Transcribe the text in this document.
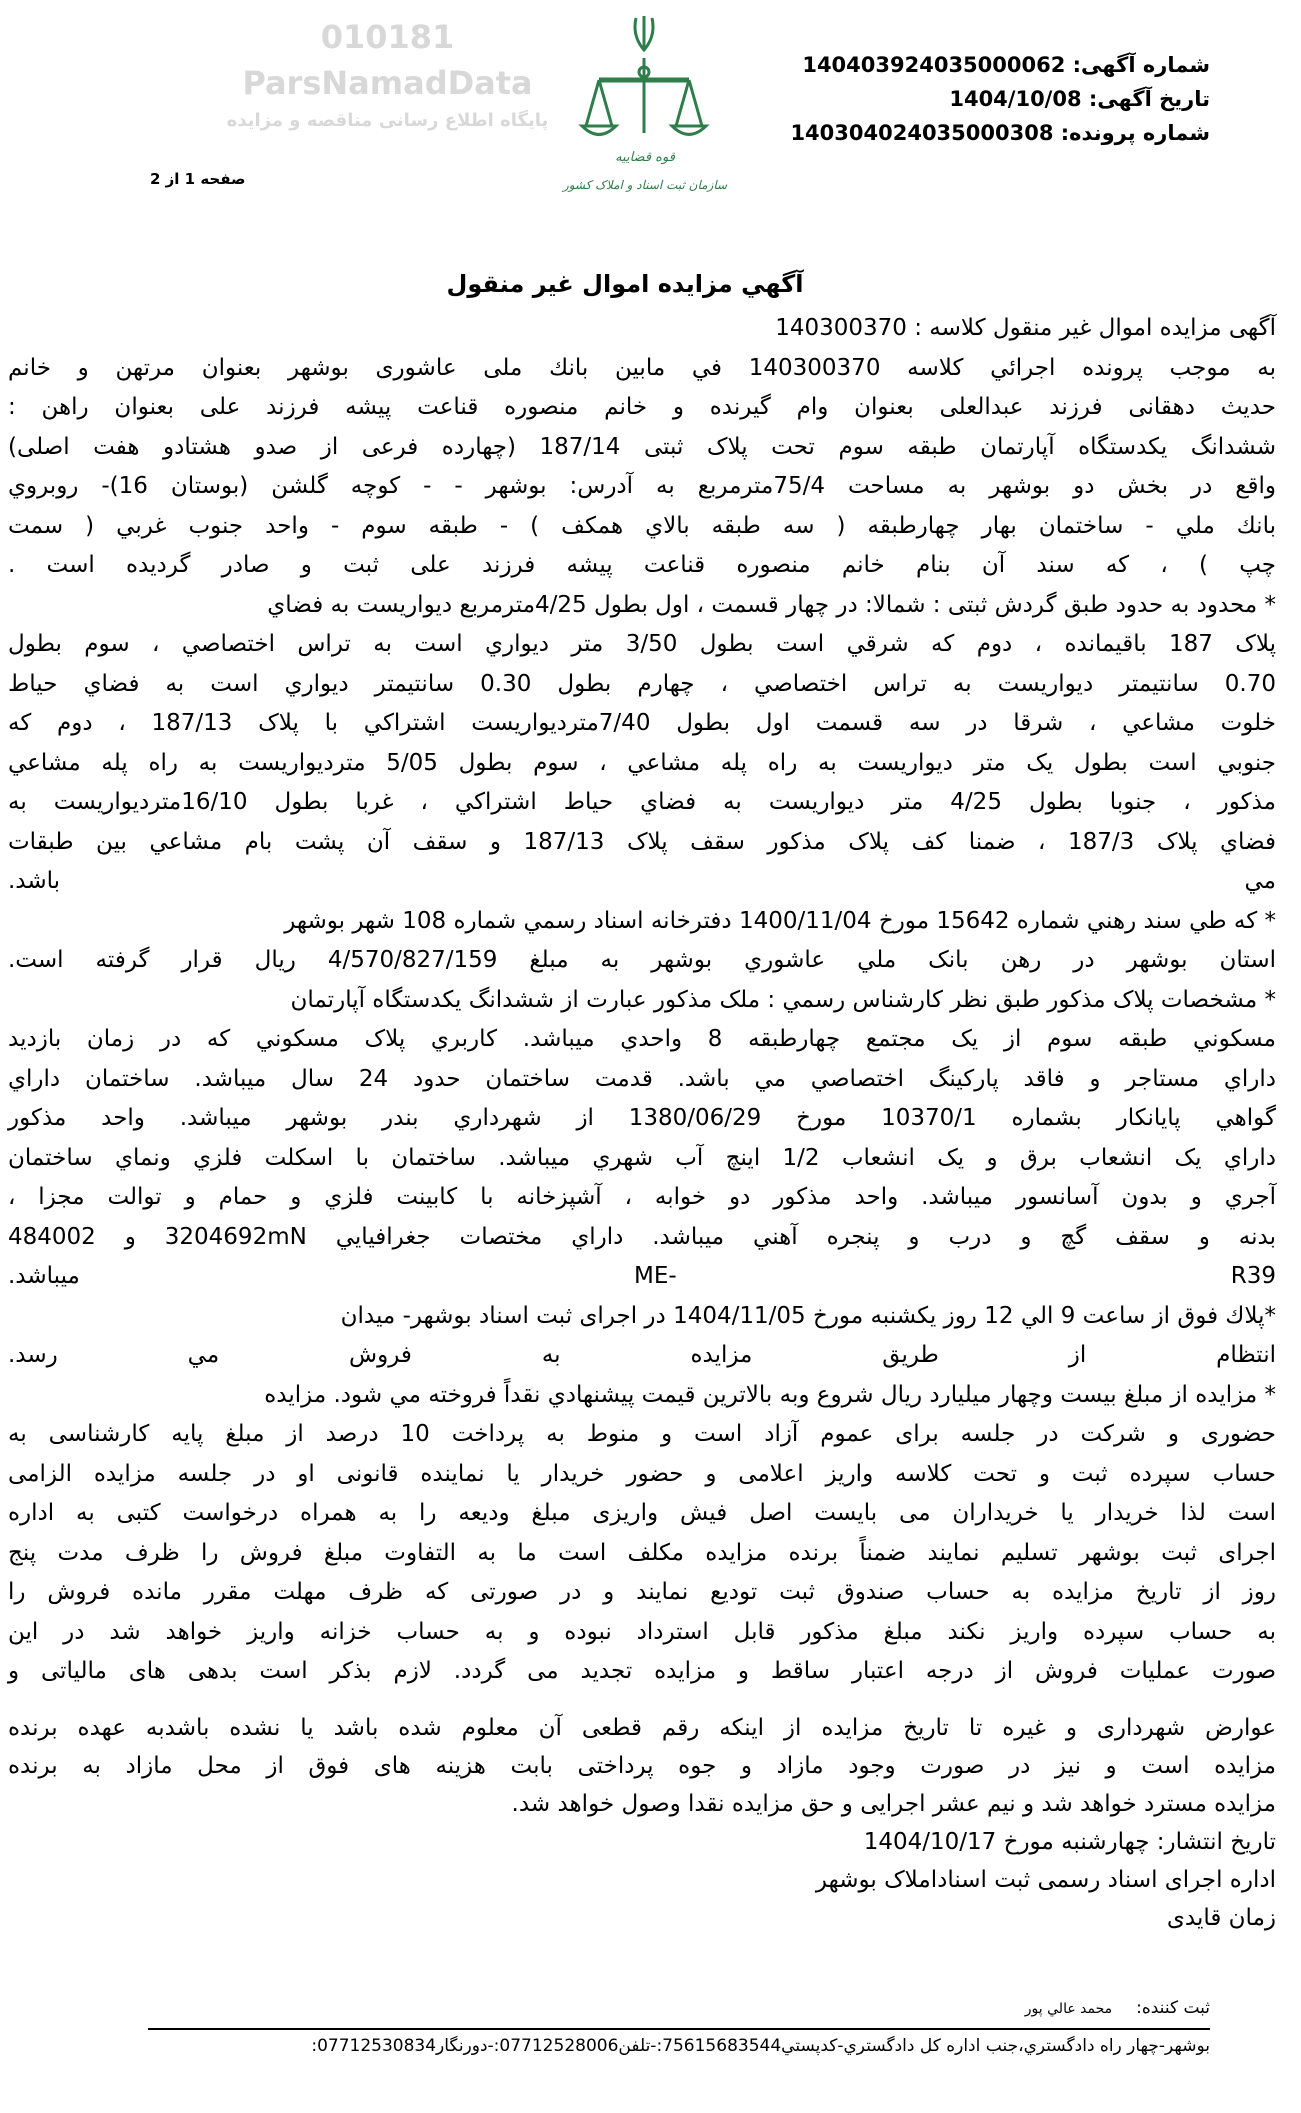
شماره آگهی: 14040392403500006​2
تاریخ آگهی: 1404/10/08
شماره پرونده: 140304024035000308
صفحه 1 از 2
قوه قضاییه
سازمان ثبت اسناد و املاک کشور
010181
ParsNamadData
پایگاه اطلاع رسانی مناقصه و مزایده
آگهي مزايده اموال غير منقول
آگهی مزایده اموال غیر منقول کلاسه : 140300370
به موجب پرونده اجرائي كلاسه 140300370 في مابين بانك ملی عاشوری بوشهر بعنوان مرتهن و خانم
حدیث دهقانی فرزند عبدالعلی بعنوان وام گیرنده و خانم منصوره قناعت پیشه فرزند علی بعنوان راهن :
ششدانگ یکدستگاه آپارتمان طبقه سوم تحت پلاک ثبتی 187/14 (چهارده فرعی از صدو هشتادو هفت اصلی)
واقع در بخش دو بوشهر به مساحت 75/4مترمربع به آدرس: بوشهر - - کوچه گلشن (بوستان 16)- روبروي
بانك ملي - ساختمان بهار چهارطبقه ( سه طبقه بالاي همكف ) - طبقه سوم - واحد جنوب غربي ( سمت
چپ ) ، که سند آن بنام خانم منصوره قناعت پیشه فرزند علی ثبت و صادر گردیده است .
* محدود به حدود طبق گردش ثبتی : شمالا: در چهار قسمت ، اول بطول 4/25مترمربع ديواريست به فضاي
پلاک 187 باقیمانده ، دوم که شرقي است بطول 3/50 متر ديواري است به تراس اختصاصي ، سوم بطول
0.70 سانتيمتر ديواريست به تراس اختصاصي ، چهارم بطول 0.30 سانتيمتر ديواري است به فضاي حياط
خلوت مشاعي ، شرقا در سه قسمت اول بطول 7/40متر‌ديواريست اشتراكي با پلاک 187/13 ، دوم كه
جنوبي است بطول يک متر ديواريست به راه پله مشاعي ، سوم بطول 5/05 متر‌ديواريست به راه پله مشاعي
مذكور ، جنوبا بطول 4/25 متر ديواريست به فضاي حياط اشتراكي ، غربا بطول 16/10متر‌ديواريست به
فضاي پلاک 187/3 ، ضمنا کف پلاک مذكور سقف پلاک 187/13 و سقف آن پشت بام مشاعي بين طبقات
مي باشد.
* كه طي سند رهني شماره 15642 مورخ 1400/11/04 دفترخانه اسناد رسمي شماره 108 شهر بوشهر
استان بوشهر در رهن بانک ملي عاشوري بوشهر به مبلغ 4/570/827/159 ريال قرار گرفته است.
* مشخصات پلاک مذكور طبق نظر كارشناس رسمي : ملک مذكور عبارت از ششدانگ يكدستگاه آپارتمان
مسكوني طبقه سوم از يک مجتمع چهارطبقه 8 واحدي ميباشد. كاربري پلاک مسكوني كه در زمان بازديد
داراي مستاجر و فاقد پاركينگ اختصاصي مي باشد. قدمت ساختمان حدود 24 سال ميباشد. ساختمان داراي
گواهي پايانكار بشماره 10370/1 مورخ 1380/06/29 از شهرداري بندر بوشهر ميباشد. واحد مذكور
داراي يک انشعاب برق و يک انشعاب 1/2 اينچ آب شهري ميباشد. ساختمان با اسكلت فلزي ونماي ساختمان
آجري و بدون آسانسور ميباشد. واحد مذكور دو خوابه ، آشپزخانه با كابينت فلزي و حمام و توالت مجزا ،
بدنه و سقف گچ و درب و پنجره آهني ميباشد. داراي مختصات جغرافيايي 3204692mN و 484002
ME- R39 ميباشد.
*پلاك فوق از ساعت 9 الي 12 روز يكشنبه مورخ 1404/11/05 در اجرای ثبت اسناد بوشهر- ميدان
انتظام از طريق مزايده به فروش مي رسد.
* مزايده از مبلغ بيست وچهار ميليارد ريال شروع وبه بالاترين قيمت پيشنهادي نقداً فروخته مي شود. مزايده
حضوری و شرکت در جلسه برای عموم آزاد است و منوط به پرداخت 10 درصد از مبلغ پایه کارشناسی به
حساب سپرده ثبت و تحت کلاسه واریز اعلامی و حضور خریدار یا نماینده قانونی او در جلسه مزایده الزامی
است لذا خریدار یا خریداران می بایست اصل فیش واریزی مبلغ ودیعه را به همراه درخواست کتبی به اداره
اجرای ثبت بوشهر تسلیم نمایند ضمناً برنده مزایده مکلف است ما به التفاوت مبلغ فروش را ظرف مدت پنج
روز از تاریخ مزایده به حساب صندوق ثبت تودیع نمایند و در صورتی که ظرف مهلت مقرر مانده فروش را
به حساب سپرده واریز نکند مبلغ مذکور قابل استرداد نبوده و به حساب خزانه واریز خواهد شد در این
صورت عملیات فروش از درجه اعتبار ساقط و مزایده تجدید می گردد. لازم بذکر است بدهی های مالیاتی و
عوارض شهرداری و غیره تا تاریخ مزایده از اینکه رقم قطعی آن معلوم شده باشد یا نشده باشدبه عهده برنده
مزایده است و نیز در صورت وجود مازاد و جوه پرداختی بابت هزینه های فوق از محل مازاد به برنده
مزایده مسترد خواهد شد و نیم عشر اجرایی و حق مزایده نقدا وصول خواهد شد.
تاریخ انتشار: چهارشنبه مورخ 1404/10/17
اداره اجرای اسناد رسمی ثبت اسناداملاک بوشهر
زمان قایدی
ثبت کننده:محمد عالي پور
بوشهر-چهار راه دادگستري،جنب اداره كل دادگستري-كدپستي7561568354‌4:-تلفن07712528006:-دورنگار07712530834:
